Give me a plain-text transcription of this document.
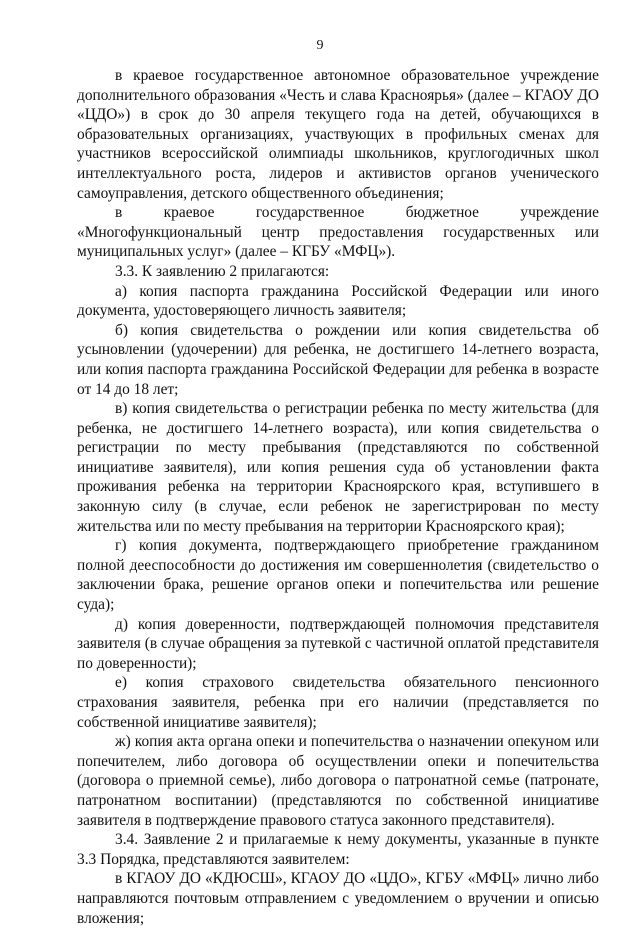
9

в краевое государственное автономное образовательное учреждение дополнительного образования «Честь и слава Красноярья» (далее – КГАОУ ДО «ЦДО») в срок до 30 апреля текущего года на детей, обучающихся в образовательных организациях, участвующих в профильных сменах для участников всероссийской олимпиады школьников, круглогодичных школ интеллектуального роста, лидеров и активистов органов ученического самоуправления, детского общественного объединения;

в краевое государственное бюджетное учреждение «Многофункциональный центр предоставления государственных или муниципальных услуг» (далее – КГБУ «МФЦ»).

3.3. К заявлению 2 прилагаются:

а) копия паспорта гражданина Российской Федерации или иного документа, удостоверяющего личность заявителя;

б) копия свидетельства о рождении или копия свидетельства об усыновлении (удочерении) для ребенка, не достигшего 14-летнего возраста, или копия паспорта гражданина Российской Федерации для ребенка в возрасте от 14 до 18 лет;

в) копия свидетельства о регистрации ребенка по месту жительства (для ребенка, не достигшего 14-летнего возраста), или копия свидетельства о регистрации по месту пребывания (представляются по собственной инициативе заявителя), или копия решения суда об установлении факта проживания ребенка на территории Красноярского края, вступившего в законную силу (в случае, если ребенок не зарегистрирован по месту жительства или по месту пребывания на территории Красноярского края);

г) копия документа, подтверждающего приобретение гражданином полной дееспособности до достижения им совершеннолетия (свидетельство о заключении брака, решение органов опеки и попечительства или решение суда);

д) копия доверенности, подтверждающей полномочия представителя заявителя (в случае обращения за путевкой с частичной оплатой представителя по доверенности);

е) копия страхового свидетельства обязательного пенсионного страхования заявителя, ребенка при его наличии (представляется по собственной инициативе заявителя);

ж) копия акта органа опеки и попечительства о назначении опекуном или попечителем, либо договора об осуществлении опеки и попечительства (договора о приемной семье), либо договора о патронатной семье (патронате, патронатном воспитании) (представляются по собственной инициативе заявителя в подтверждение правового статуса законного представителя).

3.4. Заявление 2 и прилагаемые к нему документы, указанные в пункте 3.3 Порядка, представляются заявителем:

в КГАОУ ДО «КДЮСШ», КГАОУ ДО «ЦДО», КГБУ «МФЦ» лично либо направляются почтовым отправлением с уведомлением о вручении и описью вложения;
